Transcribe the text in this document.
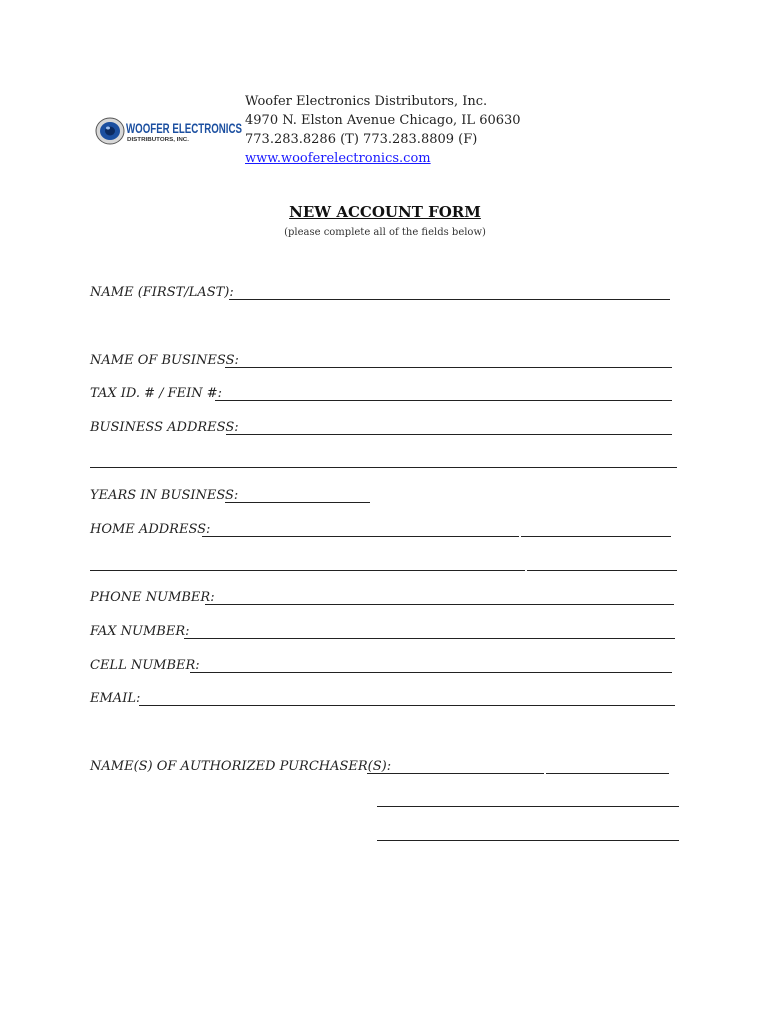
WOOFER ELECTRONICS
DISTRIBUTORS, INC.
Woofer Electronics Distributors, Inc.
4970 N. Elston Avenue Chicago, IL 60630
773.283.8286 (T) 773.283.8809 (F)
www.wooferelectronics.com
NEW ACCOUNT FORM
(please complete all of the fields below)
NAME (FIRST/LAST):
NAME OF BUSINESS:
TAX ID. # / FEIN #:
BUSINESS ADDRESS:
YEARS IN BUSINESS:
HOME ADDRESS:
PHONE NUMBER:
FAX NUMBER:
CELL NUMBER:
EMAIL:
NAME(S) OF AUTHORIZED PURCHASER(S):
